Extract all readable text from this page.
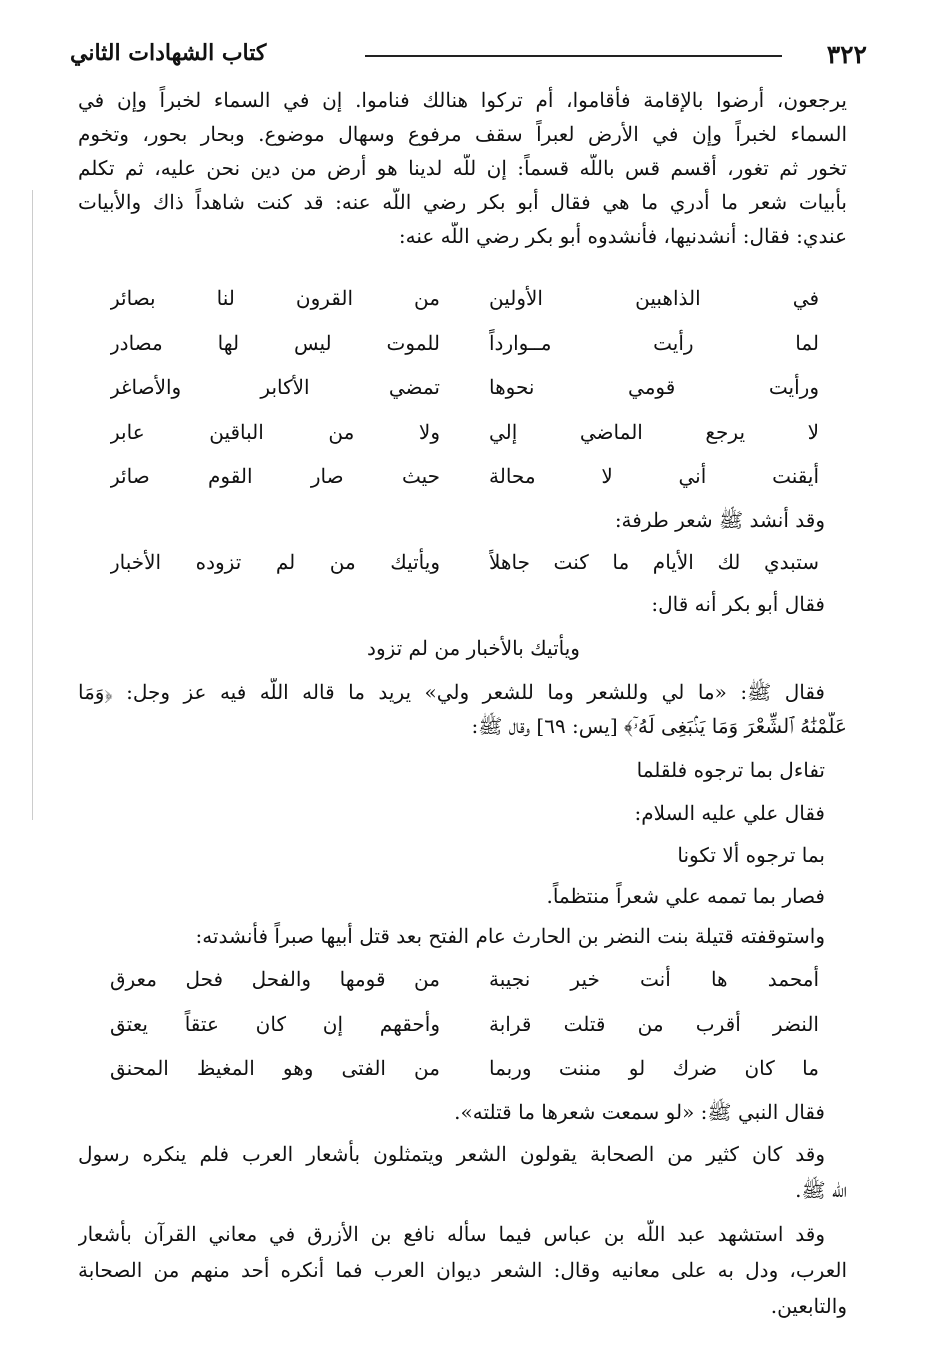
٣٢٢
كتاب الشهادات الثاني
يرجعون، أرضوا بالإقامة فأقاموا، أم تركوا هنالك فناموا. إن في السماء لخبراً وإن في
السماء لخبراً وإن في الأرض لعبراً سقف مرفوع وسهال موضوع. وبحار بحور، وتخوم
تخور ثم تغور، أقسم قس باللّه قسماً: إن للّه لدينا هو أرض من دين نحن عليه، ثم تكلم
بأبيات شعر ما أدري ما هي فقال أبو بكر رضي اللّه عنه: قد كنت شاهداً ذاك والأبيات
عندي: فقال: أنشدنيها، فأنشدوه أبو بكر رضي اللّه عنه:
في الذاهبين الأولين
من القرون لنا بصائر
لما رأيت مــوارداً
للموت ليس لها مصادر
ورأيت قومي نحوها
تمضي الأكابر والأصاغر
لا يرجع الماضي إلي
ولا من الباقين عابر
أيقنت أني لا محالة
حيث صار القوم صائر
وقد أنشد ﷺ شعر طرفة:
ستبدي لك الأيام ما كنت جاهلاً
ويأتيك من لم تزوده الأخبار
فقال أبو بكر أنه قال:
ويأتيك بالأخبار من لم تزود
فقال ﷺ: «ما لي وللشعر وما للشعر ولي» يريد ما قاله اللّه فيه عز وجل: ﴿وَمَا
عَلَّمْنَٰهُ ٱلشِّعْرَ وَمَا يَنۢبَغِى لَهُۥٓ﴾ [يس: ٦٩] وقال ﷺ:
تفاءل بما ترجوه فلقلما
فقال علي عليه السلام:
بما ترجوه ألا تكونا
فصار بما تممه علي شعراً منتظماً.
واستوقفته قتيلة بنت النضر بن الحارث عام الفتح بعد قتل أبيها صبراً فأنشدته:
أمحمد ها أنت خير نجيبة
من قومها والفحل فحل معرق
النضر أقرب من قتلت قرابة
وأحقهم إن كان عتقاً يعتق
ما كان ضرك لو مننت وربما
من الفتى وهو المغيظ المحنق
فقال النبي ﷺ: «لو سمعت شعرها ما قتلته».
وقد كان كثير من الصحابة يقولون الشعر ويتمثلون بأشعار العرب فلم ينكره رسول
اللّه ﷺ.
وقد استشهد عبد اللّه بن عباس فيما سأله نافع بن الأزرق في معاني القرآن بأشعار
العرب، ودل به على معانيه وقال: الشعر ديوان العرب فما أنكره أحد منهم من الصحابة
والتابعين.
